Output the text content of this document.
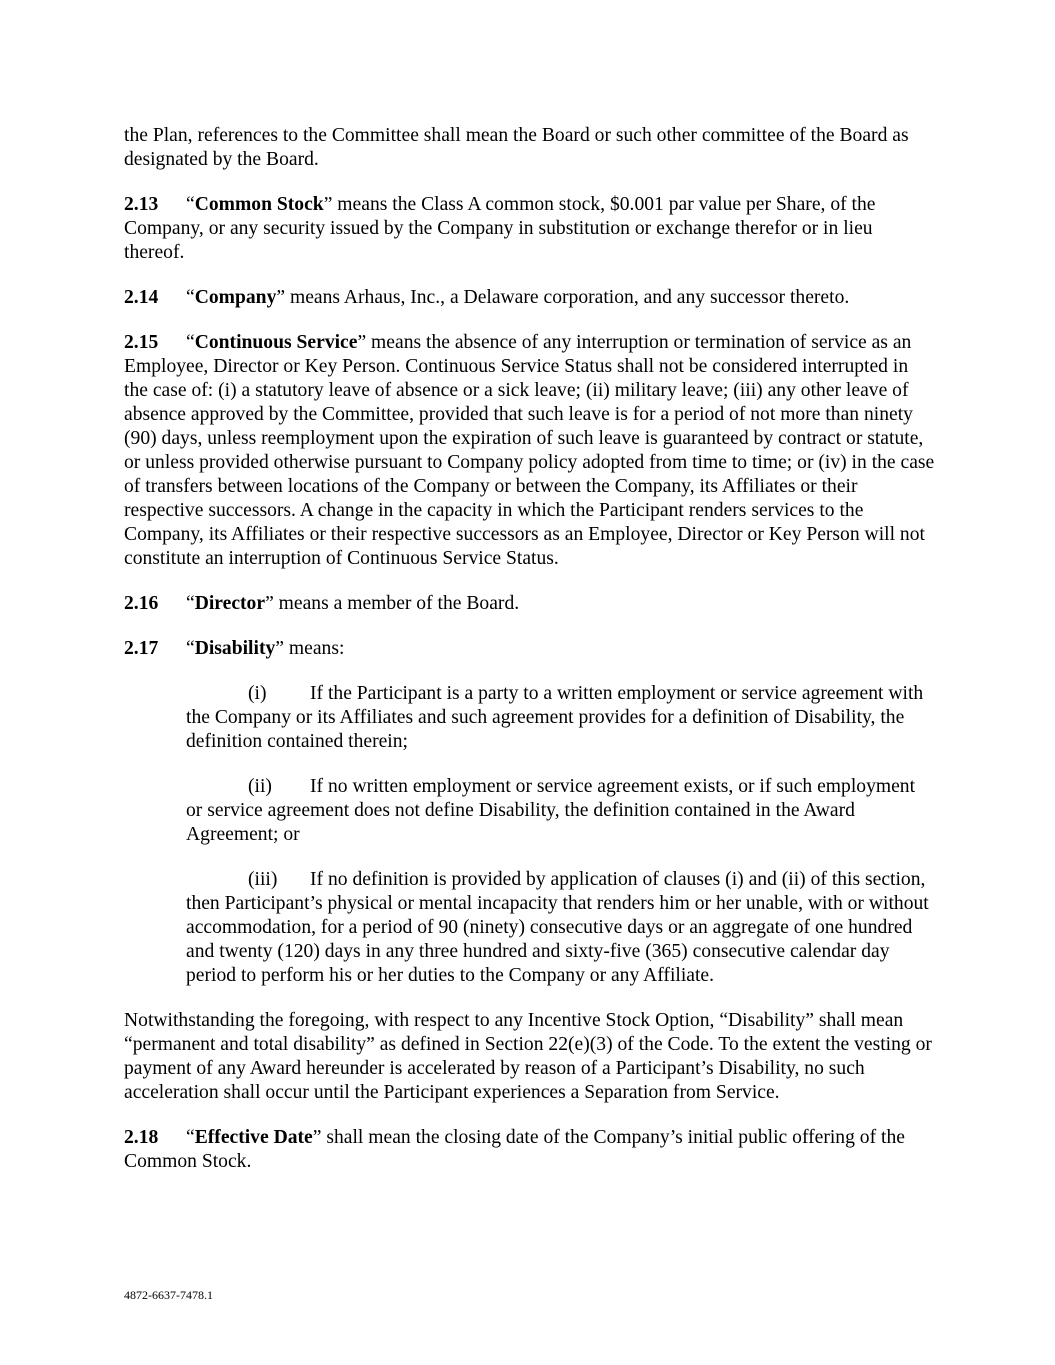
the Plan, references to the Committee shall mean the Board or such other committee of the Board as designated by the Board.

2.13 “Common Stock” means the Class A common stock, $0.001 par value per Share, of the Company, or any security issued by the Company in substitution or exchange therefor or in lieu thereof.

2.14 “Company” means Arhaus, Inc., a Delaware corporation, and any successor thereto.

2.15 “Continuous Service” means the absence of any interruption or termination of service as an Employee, Director or Key Person. Continuous Service Status shall not be considered interrupted in the case of: (i) a statutory leave of absence or a sick leave; (ii) military leave; (iii) any other leave of absence approved by the Committee, provided that such leave is for a period of not more than ninety (90) days, unless reemployment upon the expiration of such leave is guaranteed by contract or statute, or unless provided otherwise pursuant to Company policy adopted from time to time; or (iv) in the case of transfers between locations of the Company or between the Company, its Affiliates or their respective successors. A change in the capacity in which the Participant renders services to the Company, its Affiliates or their respective successors as an Employee, Director or Key Person will not constitute an interruption of Continuous Service Status.

2.16 “Director” means a member of the Board.

2.17 “Disability” means:

(i) If the Participant is a party to a written employment or service agreement with the Company or its Affiliates and such agreement provides for a definition of Disability, the definition contained therein;

(ii) If no written employment or service agreement exists, or if such employment or service agreement does not define Disability, the definition contained in the Award Agreement; or

(iii) If no definition is provided by application of clauses (i) and (ii) of this section, then Participant’s physical or mental incapacity that renders him or her unable, with or without accommodation, for a period of 90 (ninety) consecutive days or an aggregate of one hundred and twenty (120) days in any three hundred and sixty-five (365) consecutive calendar day period to perform his or her duties to the Company or any Affiliate.

Notwithstanding the foregoing, with respect to any Incentive Stock Option, “Disability” shall mean “permanent and total disability” as defined in Section 22(e)(3) of the Code. To the extent the vesting or payment of any Award hereunder is accelerated by reason of a Participant’s Disability, no such acceleration shall occur until the Participant experiences a Separation from Service.

2.18 “Effective Date” shall mean the closing date of the Company’s initial public offering of the Common Stock.

4872-6637-7478.1
